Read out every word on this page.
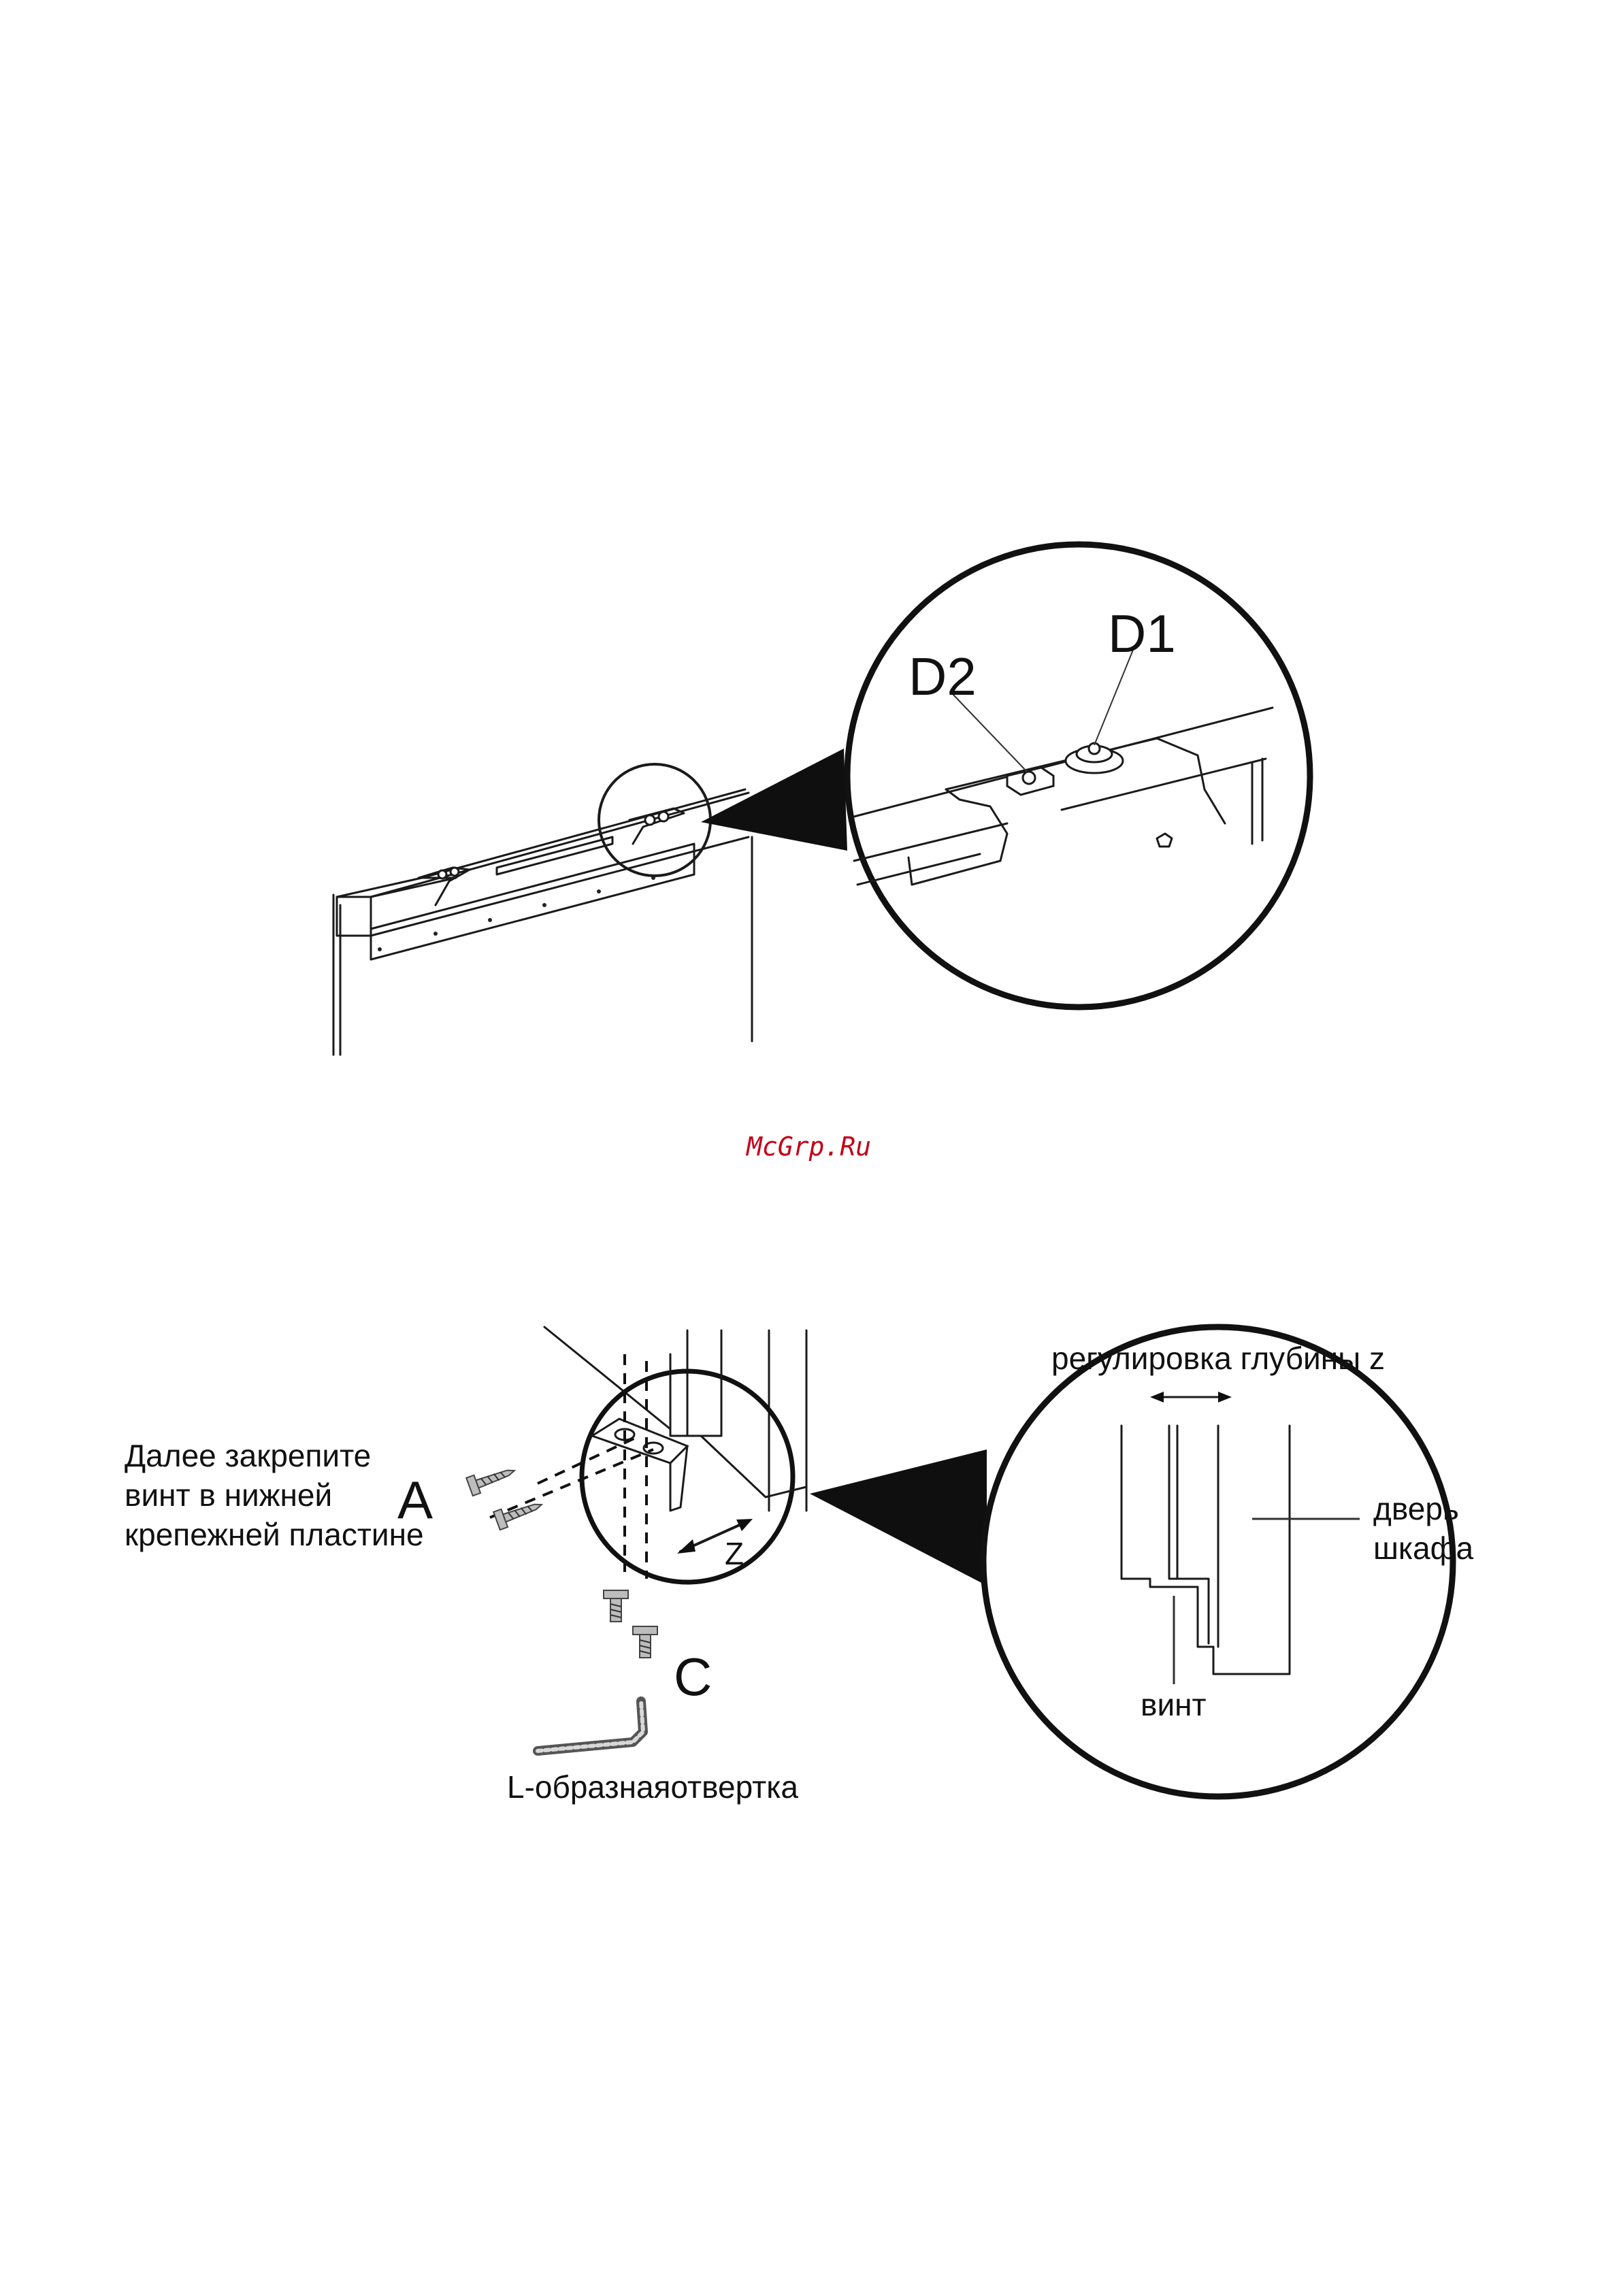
D2
D1
McGrp.Ru
Далее закрепите винт в нижней крепежней пластине
A
C
Z
L-образнаяотвертка
регулировка глубины z
дверь шкафа
винт
